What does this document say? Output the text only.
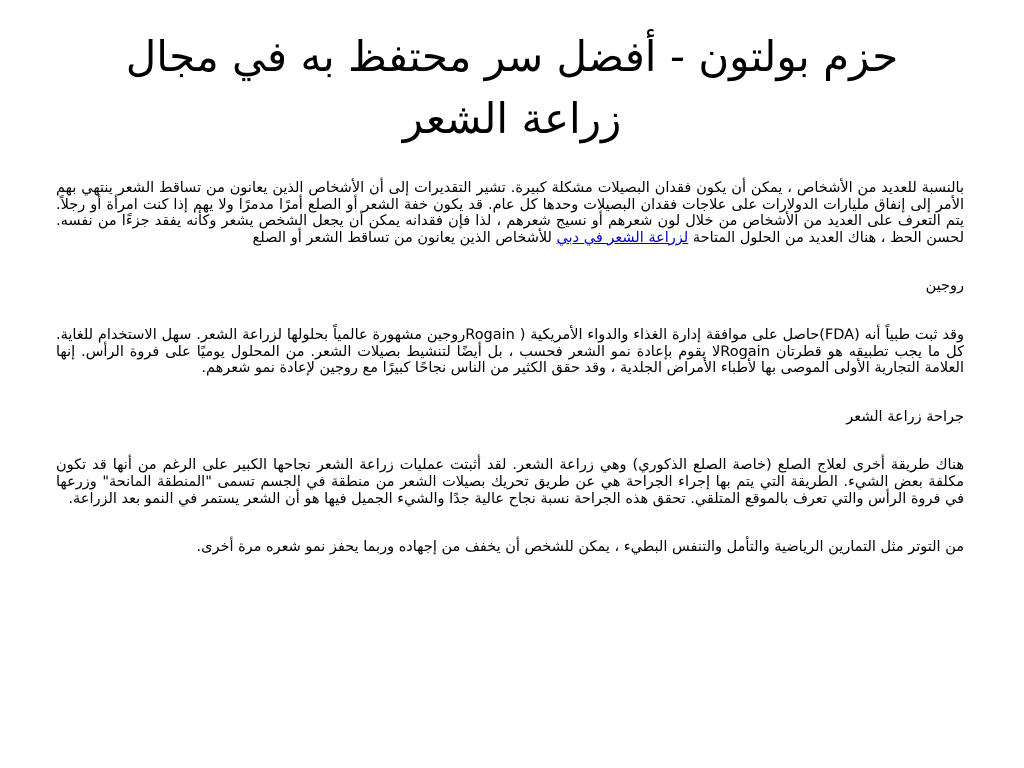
حزم بولتون - أفضل سر محتفظ به في مجال زراعة الشعر

بالنسبة للعديد من الأشخاص ، يمكن أن يكون فقدان البصيلات مشكلة كبيرة. تشير التقديرات إلى أن الأشخاص الذين يعانون من تساقط الشعر ينتهي بهم الأمر إلى إنفاق مليارات الدولارات على علاجات فقدان البصيلات وحدها كل عام. قد يكون خفة الشعر أو الصلع أمرًا مدمرًا ولا يهم إذا كنت امرأة أو رجلاً. يتم التعرف على العديد من الأشخاص من خلال لون شعرهم أو نسيج شعرهم ، لذا فإن فقدانه يمكن أن يجعل الشخص يشعر وكأنه يفقد جزءًا من نفسه. لحسن الحظ ، هناك العديد من الحلول المتاحة لزراعة الشعر في دبي للأشخاص الذين يعانون من تساقط الشعر أو الصلع

روجين

وقد ثبت طبياً أنه (FDA)حاصل على موافقة إدارة الغذاء والدواء الأمريكية ( Rogainروجين مشهورة عالمياً بحلولها لزراعة الشعر. سهل الاستخدام للغاية. كل ما يجب تطبيقه هو قطرتان Rogainلا يقوم بإعادة نمو الشعر فحسب ، بل أيضًا لتنشيط بصيلات الشعر. من المحلول يوميًا على فروة الرأس. إنها العلامة التجارية الأولى الموصى بها لأطباء الأمراض الجلدية ، وقد حقق الكثير من الناس نجاحًا كبيرًا مع روجين لإعادة نمو شعرهم.

جراحة زراعة الشعر

هناك طريقة أخرى لعلاج الصلع (خاصة الصلع الذكوري) وهي زراعة الشعر. لقد أثبتت عمليات زراعة الشعر نجاحها الكبير على الرغم من أنها قد تكون مكلفة بعض الشيء. الطريقة التي يتم بها إجراء الجراحة هي عن طريق تحريك بصيلات الشعر من منطقة في الجسم تسمى "المنطقة المانحة" وزرعها في فروة الرأس والتي تعرف بالموقع المتلقي. تحقق هذه الجراحة نسبة نجاح عالية جدًا والشيء الجميل فيها هو أن الشعر يستمر في النمو بعد الزراعة.

من التوتر مثل التمارين الرياضية والتأمل والتنفس البطيء ، يمكن للشخص أن يخفف من إجهاده وربما يحفز نمو شعره مرة أخرى.
